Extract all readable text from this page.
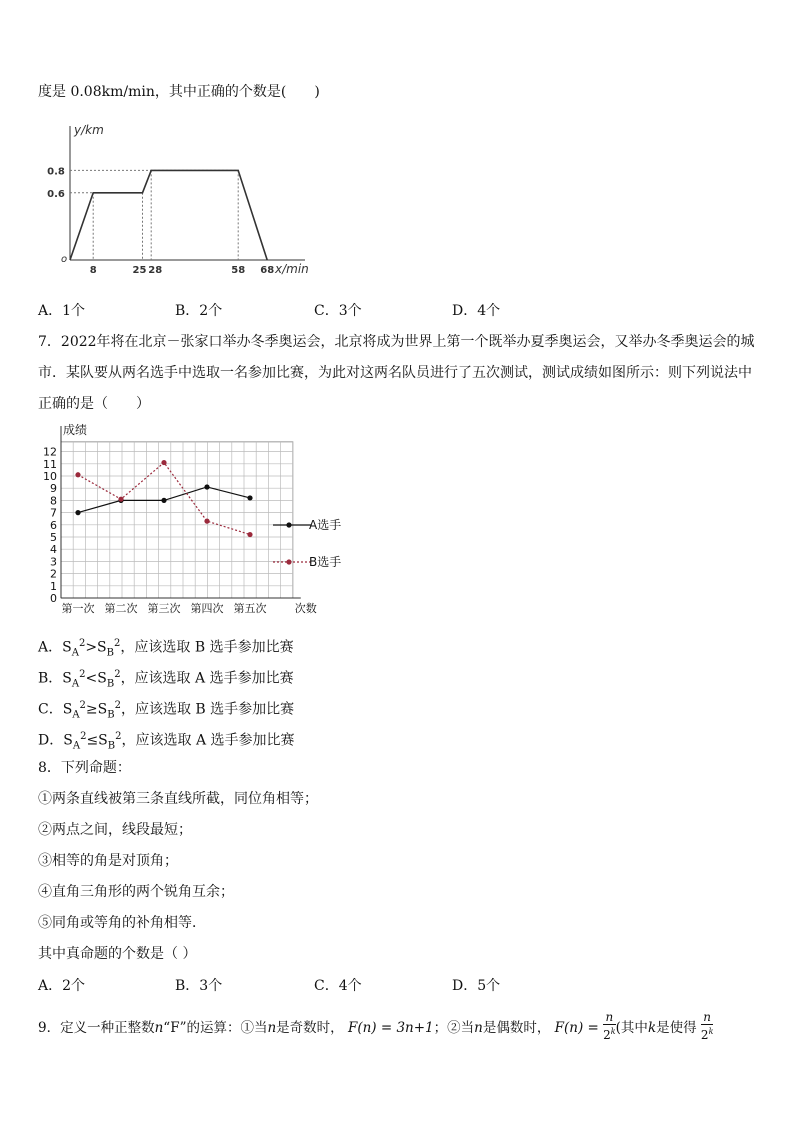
度是 0.08km/min，其中正确的个数是(　　)
y/km
x/min
o
0.6
0.8
8	25 28	58 68
A．1个	B．2个	C．3个	D．4个
7．2022年将在北京－张家口举办冬季奥运会，北京将成为世界上第一个既举办夏季奥运会，又举办冬季奥运会的城
市．某队要从两名选手中选取一名参加比赛，为此对这两名队员进行了五次测试，测试成绩如图所示：则下列说法中
正确的是（　　）
0
1
2
3
4
5
6
7
8
9
10
11
12
成绩
第一次 第二次 第三次 第四次 第五次	次数
A选手
B选手
A．$S_A^2>S_B^2$，应该选取 B 选手参加比赛
B．$S_A^2<S_B^2$，应该选取 A 选手参加比赛
C．$S_A^2\ge S_B^2$，应该选取 B 选手参加比赛
D．$S_A^2\le S_B^2$，应该选取 A 选手参加比赛
8．下列命题：
①两条直线被第三条直线所截，同位角相等；
②两点之间，线段最短；
③相等的角是对顶角；
④直角三角形的两个锐角互余；
⑤同角或等角的补角相等．
其中真命题的个数是（ ）
A．2个	B．3个	C．4个	D．5个
9．定义一种正整数n“F”的运算：①当n是奇数时， F(n) = 3n+1；②当n是偶数时， $F(n) = \frac{n}{2^k}$ (其中k是使得 $\frac{n}{2^k}$
